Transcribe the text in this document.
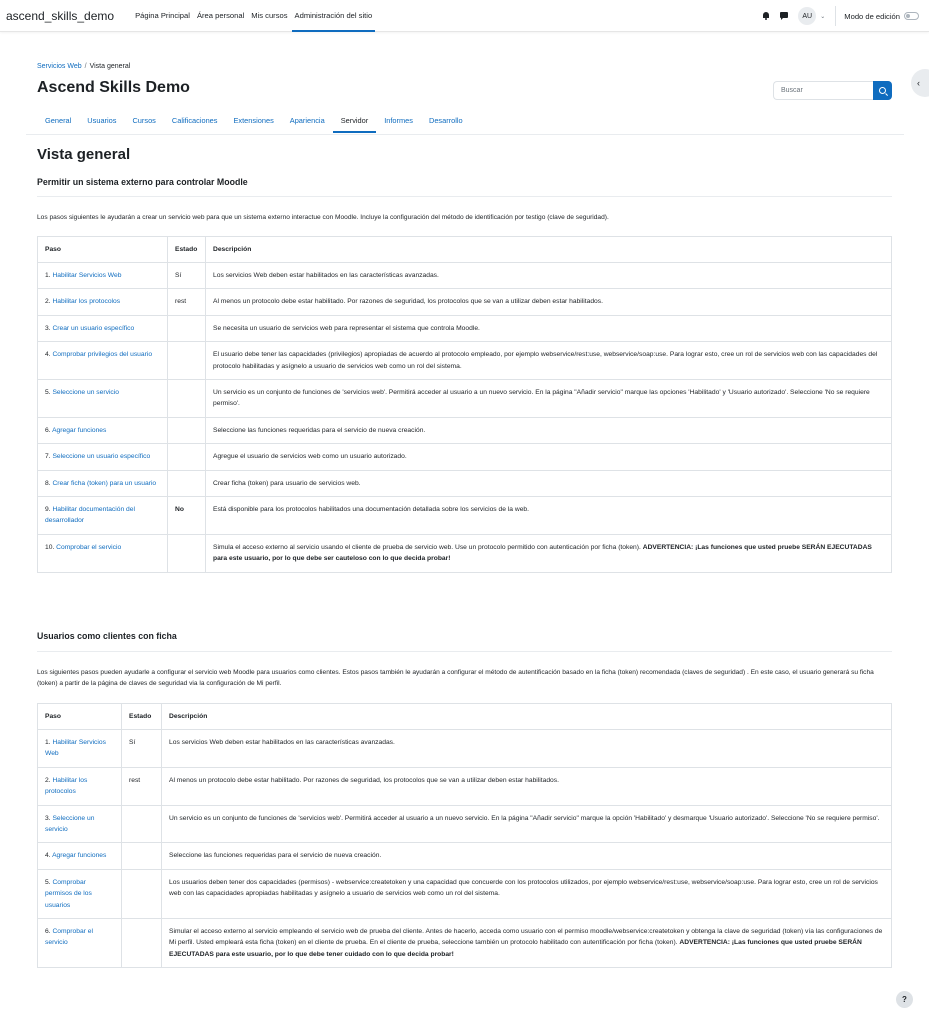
ascend_skills_demo	Página Principal Área personal Mis cursos Administración del sitio	AU	⌄	Modo de edición
‹
Servicios Web / Vista general
Ascend Skills Demo	Buscar
General	Usuarios	Cursos	Calificaciones	Extensiones	Apariencia	Servidor	Informes	Desarrollo
Vista general
Permitir un sistema externo para controlar Moodle

Los pasos siguientes le ayudarán a crear un servicio web para que un sistema externo interactue con Moodle. Incluye la configuración del método de identificación por testigo (clave de seguridad).

Paso	Estado	Descripción
1. Habilitar Servicios Web	Sí	Los servicios Web deben estar habilitados en las características avanzadas.
2. Habilitar los protocolos	rest	Al menos un protocolo debe estar habilitado. Por razones de seguridad, los protocolos que se van a utilizar deben estar habilitados.
3. Crear un usuario específico		Se necesita un usuario de servicios web para representar el sistema que controla Moodle.
4. Comprobar privilegios del usuario		El usuario debe tener las capacidades (privilegios) apropiadas de acuerdo al protocolo empleado, por ejemplo webservice/rest:use, webservice/soap:use. Para lograr esto, cree un rol de servicios web con las capacidades del protocolo habilitadas y asígnelo a usuario de servicios web como un rol del sistema.
5. Seleccione un servicio		Un servicio es un conjunto de funciones de 'servicios web'. Permitirá acceder al usuario a un nuevo servicio. En la página "Añadir servicio" marque las opciones 'Habilitado' y 'Usuario autorizado'. Seleccione 'No se requiere permiso'.
6. Agregar funciones		Seleccione las funciones requeridas para el servicio de nueva creación.
7. Seleccione un usuario específico		Agregue el usuario de servicios web como un usuario autorizado.
8. Crear ficha (token) para un usuario		Crear ficha (token) para usuario de servicios web.
9. Habilitar documentación del desarrollador	No	Está disponible para los protocolos habilitados una documentación detallada sobre los servicios de la web.
10. Comprobar el servicio		Simula el acceso externo al servicio usando el cliente de prueba de servicio web. Use un protocolo permitido con autenticación por ficha (token). ADVERTENCIA: ¡Las funciones que usted pruebe SERÁN EJECUTADAS para este usuario, por lo que debe ser cauteloso con lo que decida probar!
Usuarios como clientes con ficha

Los siguientes pasos pueden ayudarle a configurar el servicio web Moodle para usuarios como clientes. Estos pasos también le ayudarán a configurar el método de autentificación basado en la ficha (token) recomendada (claves de seguridad) . En este caso, el usuario generará su ficha (token) a partir de la página de claves de seguridad via la configuración de Mi perfil.

Paso	Estado	Descripción
1. Habilitar Servicios Web	Sí	Los servicios Web deben estar habilitados en las características avanzadas.
2. Habilitar los protocolos	rest	Al menos un protocolo debe estar habilitado. Por razones de seguridad, los protocolos que se van a utilizar deben estar habilitados.
3. Seleccione un servicio		Un servicio es un conjunto de funciones de 'servicios web'. Permitirá acceder al usuario a un nuevo servicio. En la página "Añadir servicio" marque la opción 'Habilitado' y desmarque 'Usuario autorizado'. Seleccione 'No se requiere permiso'.
4. Agregar funciones		Seleccione las funciones requeridas para el servicio de nueva creación.
5. Comprobar permisos de los usuarios		Los usuarios deben tener dos capacidades (permisos) - webservice:createtoken y una capacidad que concuerde con los protocolos utilizados, por ejemplo webservice/rest:use, webservice/soap:use. Para lograr esto, cree un rol de servicios web con las capacidades apropiadas habilitadas y asígnelo a usuario de servicios web como un rol del sistema.
6. Comprobar el servicio		Simular el acceso externo al servicio empleando el servicio web de prueba del cliente. Antes de hacerlo, acceda como usuario con el permiso moodle/webservice:createtoken y obtenga la clave de seguridad (token) vía las configuraciones de Mi perfil. Usted empleará esta ficha (token) en el cliente de prueba. En el cliente de prueba, seleccione también un protocolo habilitado con autentificación por ficha (token). ADVERTENCIA: ¡Las funciones que usted pruebe SERÁN EJECUTADAS para este usuario, por lo que debe tener cuidado con lo que decida probar!
?
